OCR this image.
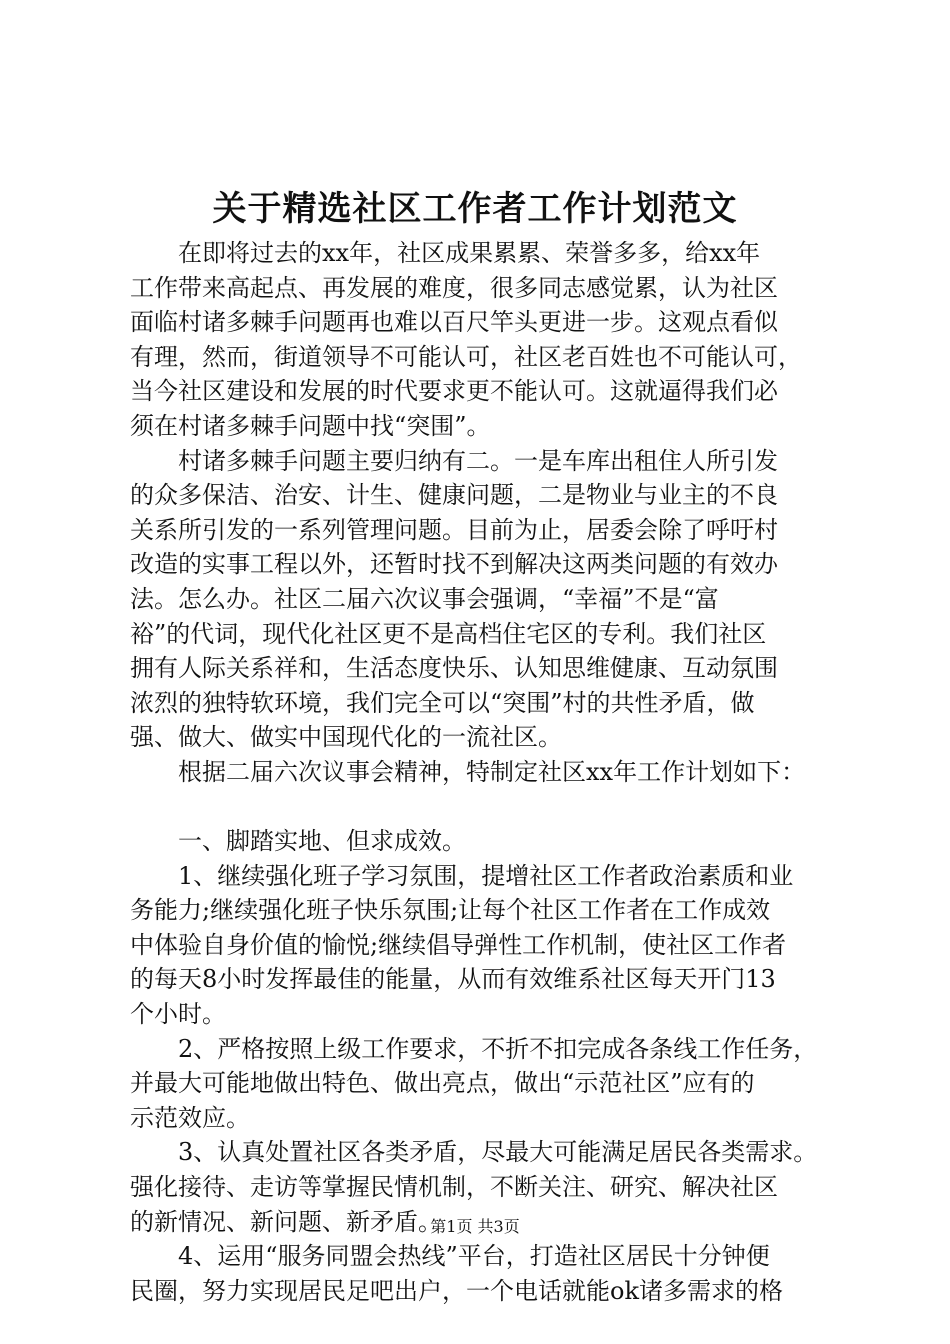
关于精选社区工作者工作计划范文
在即将过去的xx年，社区成果累累、荣誉多多，给xx年
工作带来高起点、再发展的难度，很多同志感觉累，认为社区
面临村诸多棘手问题再也难以百尺竿头更进一步。这观点看似
有理，然而，街道领导不可能认可，社区老百姓也不可能认可，
当今社区建设和发展的时代要求更不能认可。这就逼得我们必
须在村诸多棘手问题中找“突围”。
村诸多棘手问题主要归纳有二。一是车库出租住人所引发
的众多保洁、治安、计生、健康问题，二是物业与业主的不良
关系所引发的一系列管理问题。目前为止，居委会除了呼吁村
改造的实事工程以外，还暂时找不到解决这两类问题的有效办
法。怎么办。社区二届六次议事会强调，“幸福”不是“富
裕”的代词，现代化社区更不是高档住宅区的专利。我们社区
拥有人际关系祥和，生活态度快乐、认知思维健康、互动氛围
浓烈的独特软环境，我们完全可以“突围”村的共性矛盾，做
强、做大、做实中国现代化的一流社区。
根据二届六次议事会精神，特制定社区xx年工作计划如下：
一、脚踏实地、但求成效。
1、继续强化班子学习氛围，提增社区工作者政治素质和业
务能力;继续强化班子快乐氛围;让每个社区工作者在工作成效
中体验自身价值的愉悦;继续倡导弹性工作机制，使社区工作者
的每天8小时发挥最佳的能量，从而有效维系社区每天开门13
个小时。
2、严格按照上级工作要求，不折不扣完成各条线工作任务，
并最大可能地做出特色、做出亮点，做出“示范社区”应有的
示范效应。
3、认真处置社区各类矛盾，尽最大可能满足居民各类需求。
强化接待、走访等掌握民情机制，不断关注、研究、解决社区
的新情况、新问题、新矛盾。
4、运用“服务同盟会热线”平台，打造社区居民十分钟便
民圈，努力实现居民足吧出户，一个电话就能ok诸多需求的格
第1页 共3页
